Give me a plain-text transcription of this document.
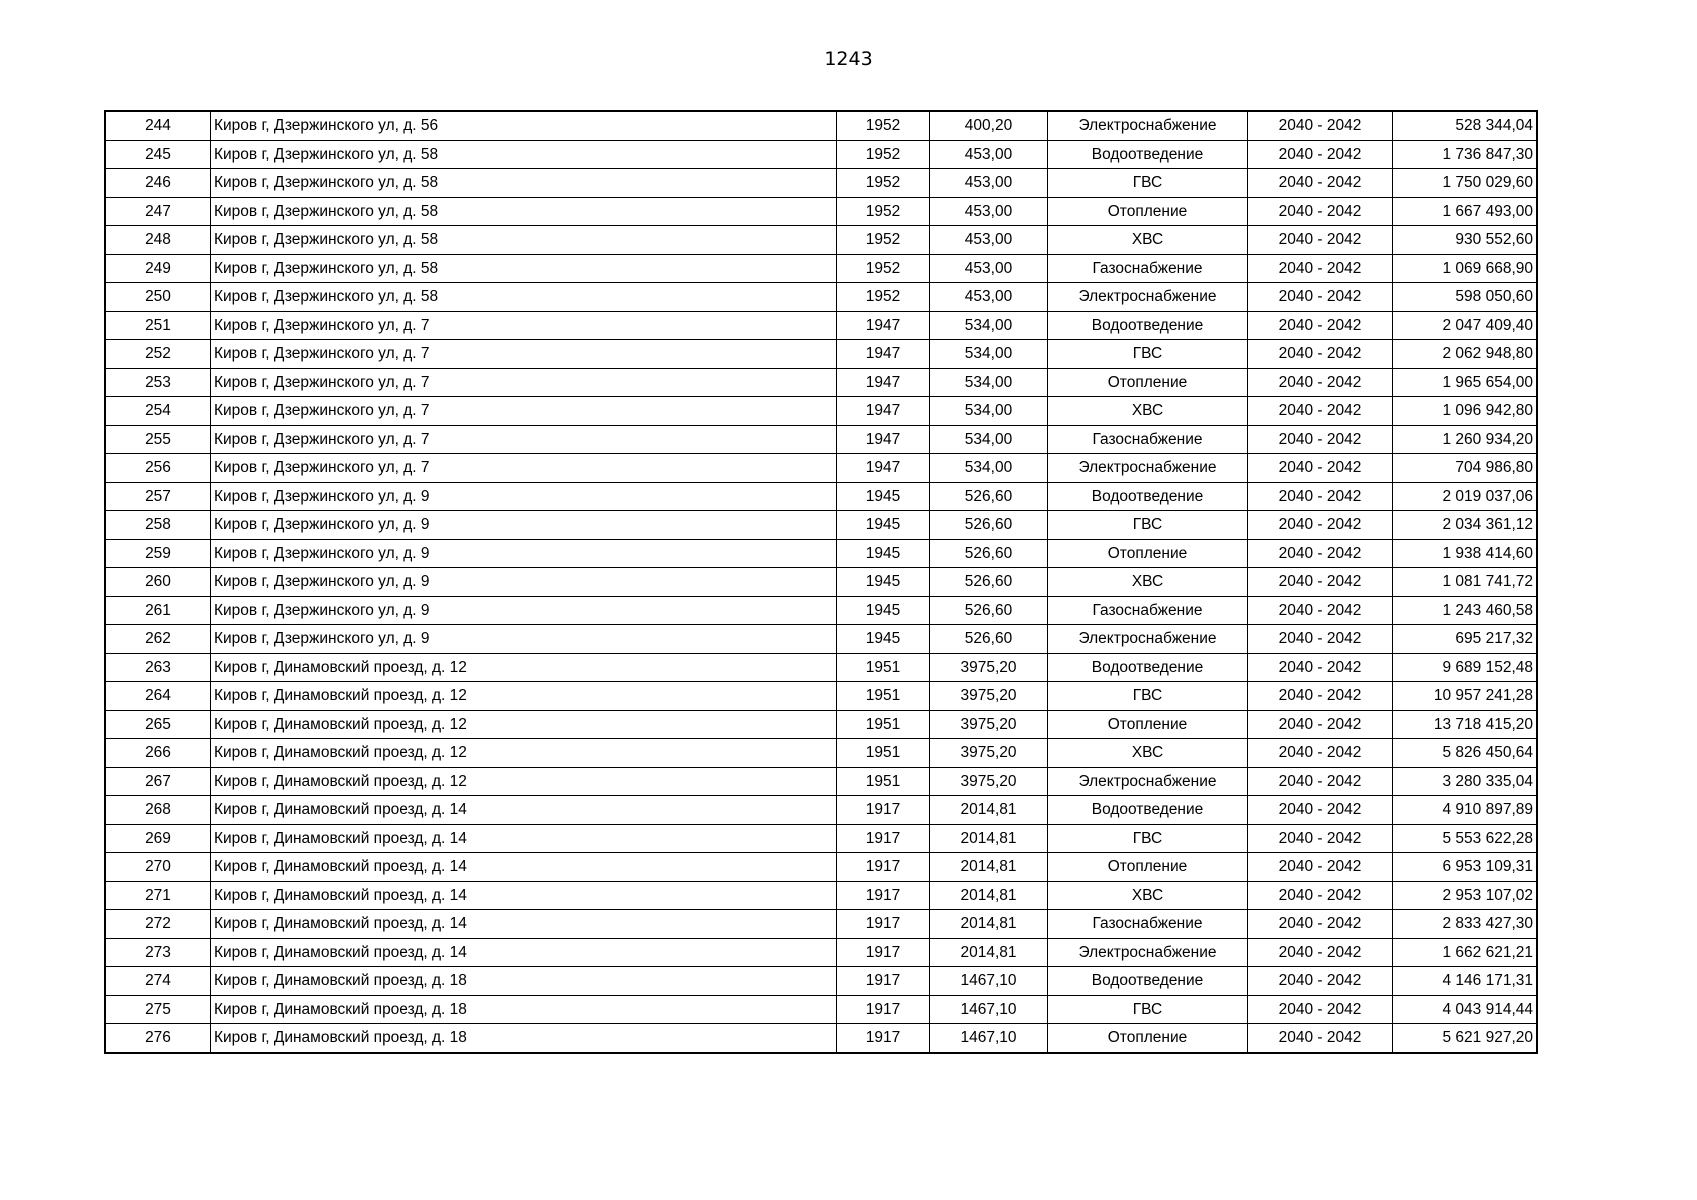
1243
244	Киров г, Дзержинского ул, д. 56	1952	400,20	Электроснабжение	2040 - 2042	528 344,04
245	Киров г, Дзержинского ул, д. 58	1952	453,00	Водоотведение	2040 - 2042	1 736 847,30
246	Киров г, Дзержинского ул, д. 58	1952	453,00	ГВС	2040 - 2042	1 750 029,60
247	Киров г, Дзержинского ул, д. 58	1952	453,00	Отопление	2040 - 2042	1 667 493,00
248	Киров г, Дзержинского ул, д. 58	1952	453,00	ХВС	2040 - 2042	930 552,60
249	Киров г, Дзержинского ул, д. 58	1952	453,00	Газоснабжение	2040 - 2042	1 069 668,90
250	Киров г, Дзержинского ул, д. 58	1952	453,00	Электроснабжение	2040 - 2042	598 050,60
251	Киров г, Дзержинского ул, д. 7	1947	534,00	Водоотведение	2040 - 2042	2 047 409,40
252	Киров г, Дзержинского ул, д. 7	1947	534,00	ГВС	2040 - 2042	2 062 948,80
253	Киров г, Дзержинского ул, д. 7	1947	534,00	Отопление	2040 - 2042	1 965 654,00
254	Киров г, Дзержинского ул, д. 7	1947	534,00	ХВС	2040 - 2042	1 096 942,80
255	Киров г, Дзержинского ул, д. 7	1947	534,00	Газоснабжение	2040 - 2042	1 260 934,20
256	Киров г, Дзержинского ул, д. 7	1947	534,00	Электроснабжение	2040 - 2042	704 986,80
257	Киров г, Дзержинского ул, д. 9	1945	526,60	Водоотведение	2040 - 2042	2 019 037,06
258	Киров г, Дзержинского ул, д. 9	1945	526,60	ГВС	2040 - 2042	2 034 361,12
259	Киров г, Дзержинского ул, д. 9	1945	526,60	Отопление	2040 - 2042	1 938 414,60
260	Киров г, Дзержинского ул, д. 9	1945	526,60	ХВС	2040 - 2042	1 081 741,72
261	Киров г, Дзержинского ул, д. 9	1945	526,60	Газоснабжение	2040 - 2042	1 243 460,58
262	Киров г, Дзержинского ул, д. 9	1945	526,60	Электроснабжение	2040 - 2042	695 217,32
263	Киров г, Динамовский проезд, д. 12	1951	3975,20	Водоотведение	2040 - 2042	9 689 152,48
264	Киров г, Динамовский проезд, д. 12	1951	3975,20	ГВС	2040 - 2042	10 957 241,28
265	Киров г, Динамовский проезд, д. 12	1951	3975,20	Отопление	2040 - 2042	13 718 415,20
266	Киров г, Динамовский проезд, д. 12	1951	3975,20	ХВС	2040 - 2042	5 826 450,64
267	Киров г, Динамовский проезд, д. 12	1951	3975,20	Электроснабжение	2040 - 2042	3 280 335,04
268	Киров г, Динамовский проезд, д. 14	1917	2014,81	Водоотведение	2040 - 2042	4 910 897,89
269	Киров г, Динамовский проезд, д. 14	1917	2014,81	ГВС	2040 - 2042	5 553 622,28
270	Киров г, Динамовский проезд, д. 14	1917	2014,81	Отопление	2040 - 2042	6 953 109,31
271	Киров г, Динамовский проезд, д. 14	1917	2014,81	ХВС	2040 - 2042	2 953 107,02
272	Киров г, Динамовский проезд, д. 14	1917	2014,81	Газоснабжение	2040 - 2042	2 833 427,30
273	Киров г, Динамовский проезд, д. 14	1917	2014,81	Электроснабжение	2040 - 2042	1 662 621,21
274	Киров г, Динамовский проезд, д. 18	1917	1467,10	Водоотведение	2040 - 2042	4 146 171,31
275	Киров г, Динамовский проезд, д. 18	1917	1467,10	ГВС	2040 - 2042	4 043 914,44
276	Киров г, Динамовский проезд, д. 18	1917	1467,10	Отопление	2040 - 2042	5 621 927,20
